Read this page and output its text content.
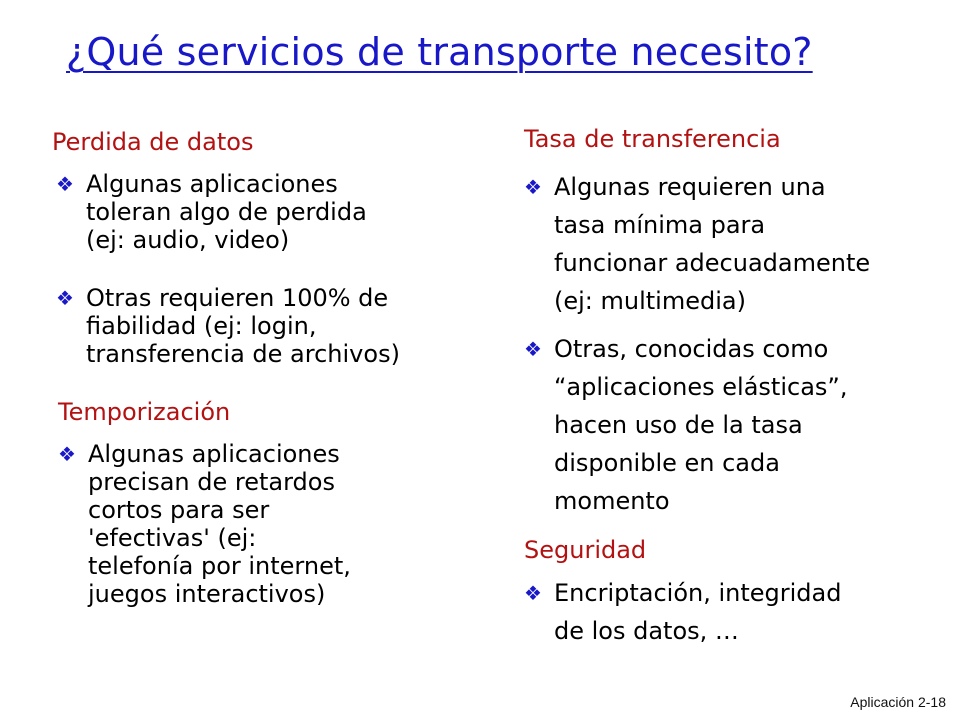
¿Qué servicios de transporte necesito?
Perdida de datos
❖ Algunas aplicaciones
toleran algo de perdida
(ej: audio, video)
❖ Otras requieren 100% de
fiabilidad (ej: login,
transferencia de archivos)
Temporización
❖ Algunas aplicaciones
precisan de retardos
cortos para ser
'efectivas' (ej:
telefonía por internet,
juegos interactivos)
Tasa de transferencia
❖ Algunas requieren una
tasa mínima para
funcionar adecuadamente
(ej: multimedia)
❖ Otras, conocidas como
“aplicaciones elásticas”,
hacen uso de la tasa
disponible en cada
momento
Seguridad
❖ Encriptación, integridad
de los datos, …
Aplicación 2-18
